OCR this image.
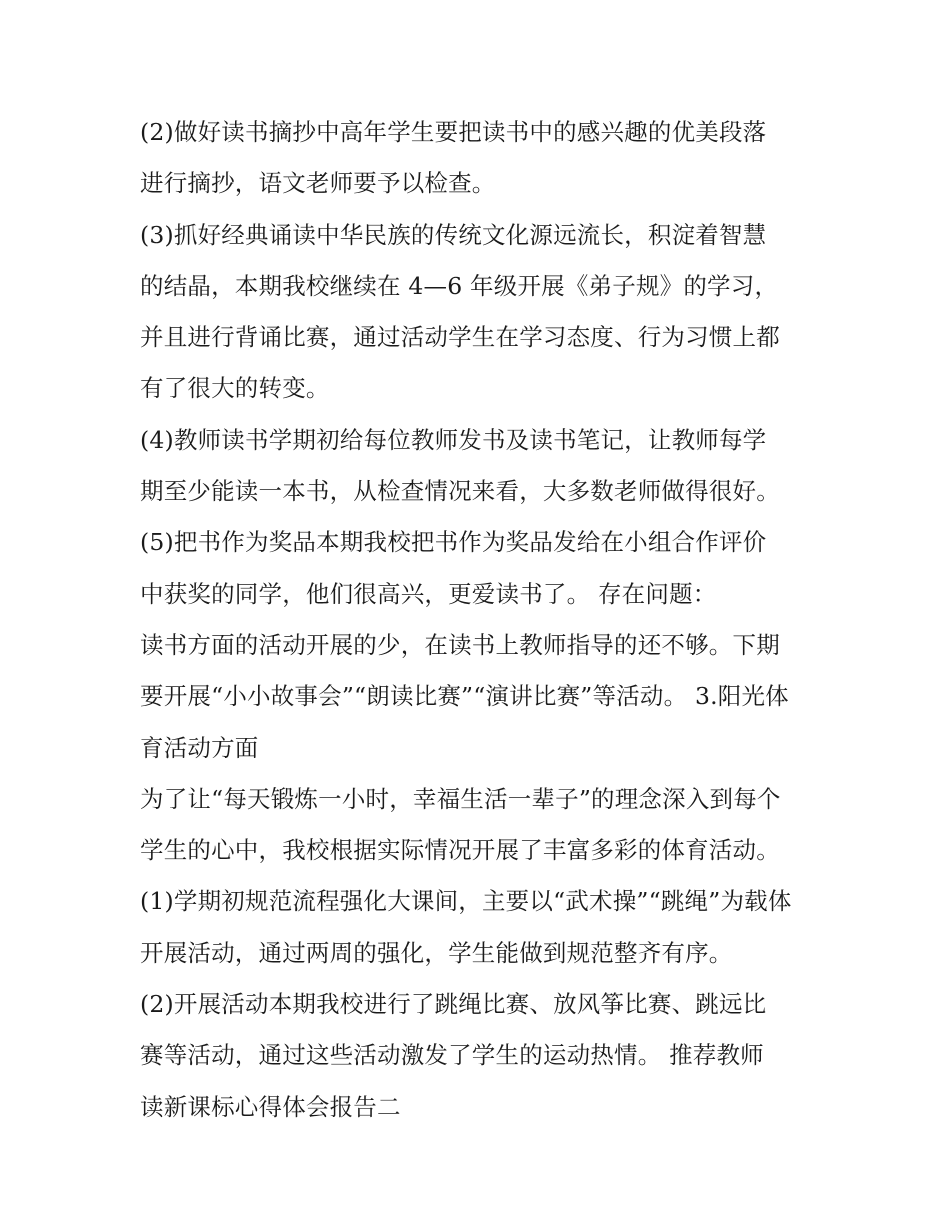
(2)做好读书摘抄中高年学生要把读书中的感兴趣的优美段落
进行摘抄，语文老师要予以检查。
(3)抓好经典诵读中华民族的传统文化源远流长，积淀着智慧
的结晶，本期我校继续在 4—6 年级开展《弟子规》的学习，
并且进行背诵比赛，通过活动学生在学习态度、行为习惯上都
有了很大的转变。
(4)教师读书学期初给每位教师发书及读书笔记，让教师每学
期至少能读一本书，从检查情况来看，大多数老师做得很好。
(5)把书作为奖品本期我校把书作为奖品发给在小组合作评价
中获奖的同学，他们很高兴，更爱读书了。 存在问题：
读书方面的活动开展的少，在读书上教师指导的还不够。下期
要开展“小小故事会”“朗读比赛”“演讲比赛”等活动。 3.阳光体
育活动方面
为了让“每天锻炼一小时，幸福生活一辈子”的理念深入到每个
学生的心中，我校根据实际情况开展了丰富多彩的体育活动。
(1)学期初规范流程强化大课间，主要以“武术操”“跳绳”为载体
开展活动，通过两周的强化，学生能做到规范整齐有序。
(2)开展活动本期我校进行了跳绳比赛、放风筝比赛、跳远比
赛等活动，通过这些活动激发了学生的运动热情。 推荐教师
读新课标心得体会报告二
